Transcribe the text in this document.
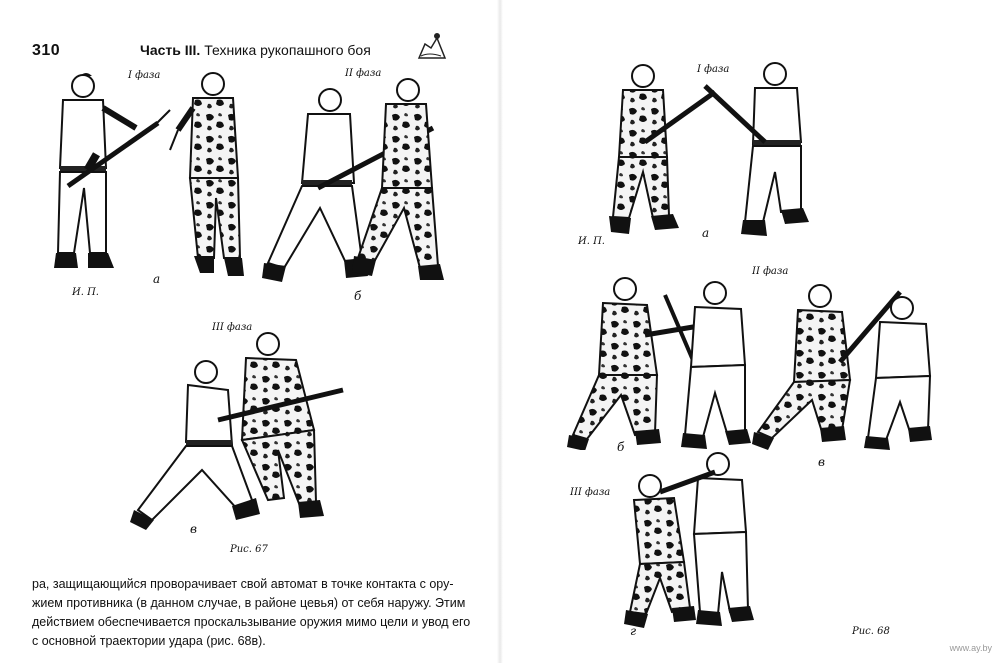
310	Часть III. Техника рукопашного боя
I фаза	II фаза
а
И. П.	б
III фаза
в
Рис. 67
ра, защищающийся проворачивает свой автомат в точке контакта с ору-
жием противника (в данном случае, в районе цевья) от себя наружу. Этим
действием обеспечивается проскальзывание оружия мимо цели и увод его
с основной траектории удара (рис. 68в).
I фаза
а
И. П.
II фаза
б
в
III фаза
г	Рис. 68
www.ay.by
